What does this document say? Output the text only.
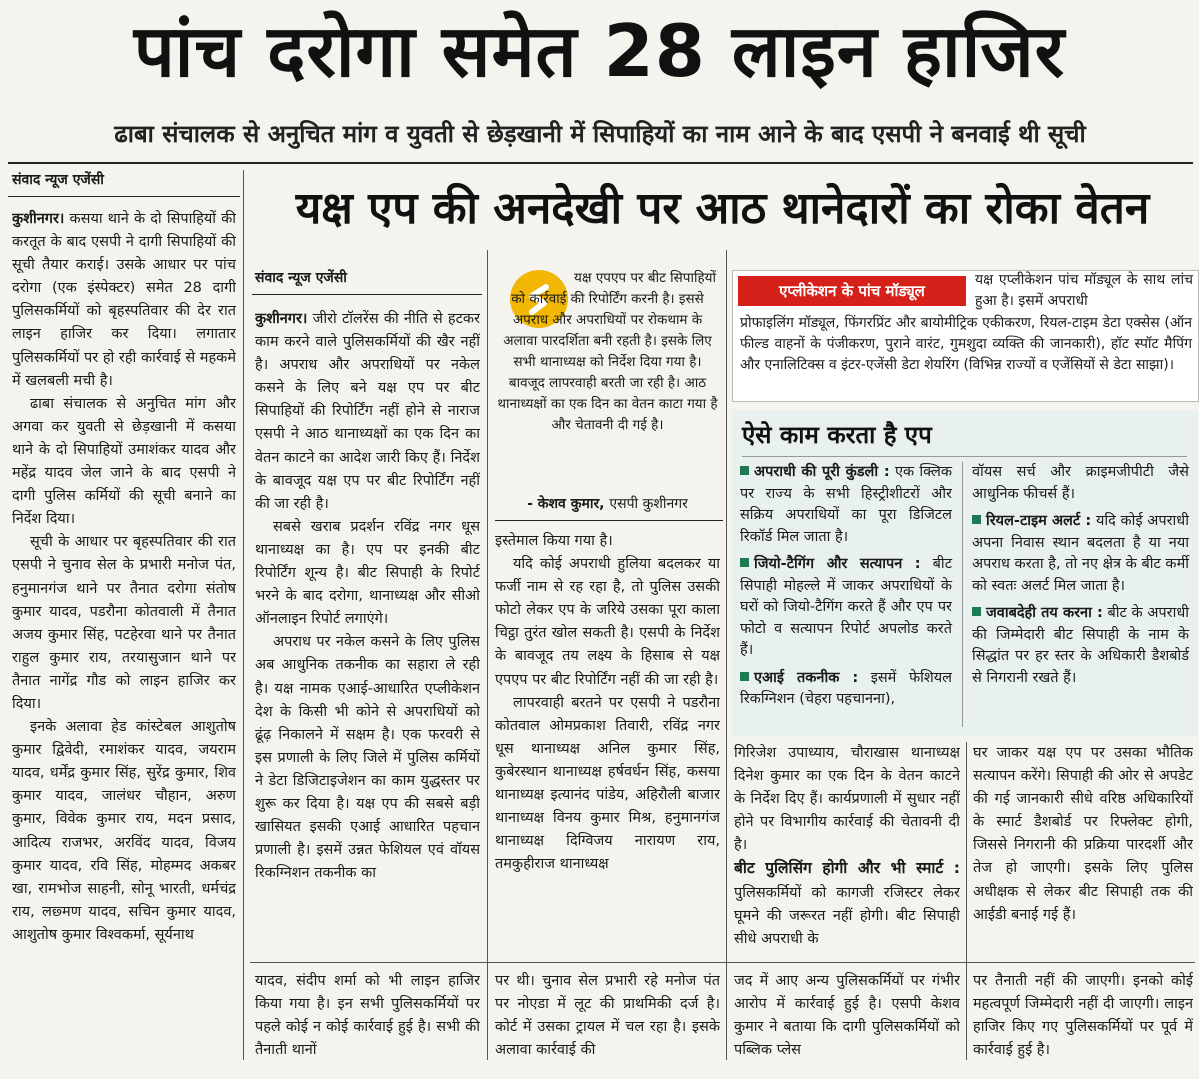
पांच दरोगा समेत 28 लाइन हाजिर
ढाबा संचालक से अनुचित मांग व युवती से छेड़खानी में सिपाहियों का नाम आने के बाद एसपी ने बनवाई थी सूची
संवाद न्यूज एजेंसी

कुशीनगर। कसया थाने के दो सिपाहियों की करतूत के बाद एसपी ने दागी सिपाहियों की सूची तैयार कराई। उसके आधार पर पांच दरोगा (एक इंस्पेक्टर) समेत 28 दागी पुलिसकर्मियों को बृहस्पतिवार की देर रात लाइन हाजिर कर दिया। लगातार पुलिसकर्मियों पर हो रही कार्रवाई से महकमे में खलबली मची है।

ढाबा संचालक से अनुचित मांग और अगवा कर युवती से छेड़खानी में कसया थाने के दो सिपाहियों उमाशंकर यादव और महेंद्र यादव जेल जाने के बाद एसपी ने दागी पुलिस कर्मियों की सूची बनाने का निर्देश दिया।

सूची के आधार पर बृहस्पतिवार की रात एसपी ने चुनाव सेल के प्रभारी मनोज पंत, हनुमानगंज थाने पर तैनात दरोगा संतोष कुमार यादव, पडरौना कोतवाली में तैनात अजय कुमार सिंह, पटहेरवा थाने पर तैनात राहुल कुमार राय, तरयासुजान थाने पर तैनात नागेंद्र गौड को लाइन हाजिर कर दिया।

इनके अलावा हेड कांस्टेबल आशुतोष कुमार द्विवेदी, रमाशंकर यादव, जयराम यादव, धर्मेंद्र कुमार सिंह, सुरेंद्र कुमार, शिव कुमार यादव, जालंधर चौहान, अरुण कुमार, विवेक कुमार राय, मदन प्रसाद, आदित्य राजभर, अरविंद यादव, विजय कुमार यादव, रवि सिंह, मोहम्मद अकबर खा, रामभोज साहनी, सोनू भारती, धर्मचंद्र राय, लछ्मण यादव, सचिन कुमार यादव, आशुतोष कुमार विश्वकर्मा, सूर्यनाथ

यक्ष एप की अनदेखी पर आठ थानेदारों का रोका वेतन
संवाद न्यूज एजेंसी

कुशीनगर। जीरो टॉलरेंस की नीति से हटकर काम करने वाले पुलिसकर्मियों की खैर नहीं है। अपराध और अपराधियों पर नकेल कसने के लिए बने यक्ष एप पर बीट सिपाहियों की रिपोर्टिंग नहीं होने से नाराज एसपी ने आठ थानाध्यक्षों का एक दिन का वेतन काटने का आदेश जारी किए हैं। निर्देश के बावजूद यक्ष एप पर बीट रिपोर्टिंग नहीं की जा रही है।

सबसे खराब प्रदर्शन रविंद्र नगर धूस थानाध्यक्ष का है। एप पर इनकी बीट रिपोर्टिंग शून्य है। बीट सिपाही के रिपोर्ट भरने के बाद दरोगा, थानाध्यक्ष और सीओ ऑनलाइन रिपोर्ट लगाएंगे।

अपराध पर नकेल कसने के लिए पुलिस अब आधुनिक तकनीक का सहारा ले रही है। यक्ष नामक एआई-आधारित एप्लीकेशन देश के किसी भी कोने से अपराधियों को ढूंढ़ निकालने में सक्षम है। एक फरवरी से इस प्रणाली के लिए जिले में पुलिस कर्मियों ने डेटा डिजिटाइजेशन का काम युद्धस्तर पर शुरू कर दिया है। यक्ष एप की सबसे बड़ी खासियत इसकी एआई आधारित पहचान प्रणाली है। इसमें उन्नत फेशियल एवं वॉयस रिकग्निशन तकनीक का

यक्ष एपएप पर बीट सिपाहियों को कार्रवाई की रिपोर्टिंग करनी है। इससे अपराध और अपराधियों पर रोकथाम के अलावा पारदर्शिता बनी रहती है। इसके लिए सभी थानाध्यक्ष को निर्देश दिया गया है। बावजूद लापरवाही बरती जा रही है। आठ थानाध्यक्षों का एक दिन का वेतन काटा गया है और चेतावनी दी गई है।
- केशव कुमार, एसपी कुशीनगर

इस्तेमाल किया गया है।

यदि कोई अपराधी हुलिया बदलकर या फर्जी नाम से रह रहा है, तो पुलिस उसकी फोटो लेकर एप के जरिये उसका पूरा काला चिट्ठा तुरंत खोल सकती है। एसपी के निर्देश के बावजूद तय लक्ष्य के हिसाब से यक्ष एपएप पर बीट रिपोर्टिंग नहीं की जा रही है।

लापरवाही बरतने पर एसपी ने पडरौना कोतवाल ओमप्रकाश तिवारी, रविंद्र नगर धूस थानाध्यक्ष अनिल कुमार सिंह, कुबेरस्थान थानाध्यक्ष हर्षवर्धन सिंह, कसया थानाध्यक्ष इत्यानंद पांडेय, अहिरौली बाजार थानाध्यक्ष विनय कुमार मिश्र, हनुमानगंज थानाध्यक्ष दिग्विजय नारायण राय, तमकुहीराज थानाध्यक्ष

एप्लीकेशन के पांच मॉड्यूल
यक्ष एप्लीकेशन पांच मॉड्यूल के साथ लांच हुआ है। इसमें अपराधी
प्रोफाइलिंग मॉड्यूल, फिंगरप्रिंट और बायोमीट्रिक एकीकरण, रियल-टाइम डेटा एक्सेस (ऑन फील्ड वाहनों के पंजीकरण, पुराने वारंट, गुमशुदा व्यक्ति की जानकारी), हॉट स्पॉट मैपिंग और एनालिटिक्स व इंटर-एजेंसी डेटा शेयरिंग (विभिन्न राज्यों व एजेंसियों से डेटा साझा)।
ऐसे काम करता है एप

अपराधी की पूरी कुंडली : एक क्लिक पर राज्य के सभी हिस्ट्रीशीटरों और सक्रिय अपराधियों का पूरा डिजिटल रिकॉर्ड मिल जाता है।

जियो-टैगिंग और सत्यापन : बीट सिपाही मोहल्ले में जाकर अपराधियों के घरों को जियो-टैगिंग करते हैं और एप पर फोटो व सत्यापन रिपोर्ट अपलोड करते हैं।

एआई तकनीक : इसमें फेशियल रिकग्निशन (चेहरा पहचानना),

वॉयस सर्च और क्राइमजीपीटी जैसे आधुनिक फीचर्स हैं।

रियल-टाइम अलर्ट : यदि कोई अपराधी अपना निवास स्थान बदलता है या नया अपराध करता है, तो नए क्षेत्र के बीट कर्मी को स्वतः अलर्ट मिल जाता है।

जवाबदेही तय करना : बीट के अपराधी की जिम्मेदारी बीट सिपाही के नाम के सिद्धांत पर हर स्तर के अधिकारी डैशबोर्ड से निगरानी रखते हैं।

गिरिजेश उपाध्याय, चौराखास थानाध्यक्ष दिनेश कुमार का एक दिन के वेतन काटने के निर्देश दिए हैं। कार्यप्रणाली में सुधार नहीं होने पर विभागीय कार्रवाई की चेतावनी दी है।

बीट पुलिसिंग होगी और भी स्मार्ट : पुलिसकर्मियों को कागजी रजिस्टर लेकर घूमने की जरूरत नहीं होगी। बीट सिपाही सीधे अपराधी के

घर जाकर यक्ष एप पर उसका भौतिक सत्यापन करेंगे। सिपाही की ओर से अपडेट की गई जानकारी सीधे वरिष्ठ अधिकारियों के स्मार्ट डैशबोर्ड पर रिफ्लेक्ट होगी, जिससे निगरानी की प्रक्रिया पारदर्शी और तेज हो जाएगी। इसके लिए पुलिस अधीक्षक से लेकर बीट सिपाही तक की आईडी बनाई गई हैं।

यादव, संदीप शर्मा को भी लाइन हाजिर किया गया है। इन सभी पुलिसकर्मियों पर पहले कोई न कोई कार्रवाई हुई है। सभी की तैनाती थानों

पर थी। चुनाव सेल प्रभारी रहे मनोज पंत पर नोएडा में लूट की प्राथमिकी दर्ज है। कोर्ट में उसका ट्रायल में चल रहा है। इसके अलावा कार्रवाई की

जद में आए अन्य पुलिसकर्मियों पर गंभीर आरोप में कार्रवाई हुई है। एसपी केशव कुमार ने बताया कि दागी पुलिसकर्मियों को पब्लिक प्लेस

पर तैनाती नहीं की जाएगी। इनको कोई महत्वपूर्ण जिम्मेदारी नहीं दी जाएगी। लाइन हाजिर किए गए पुलिसकर्मियों पर पूर्व में कार्रवाई हुई है।
